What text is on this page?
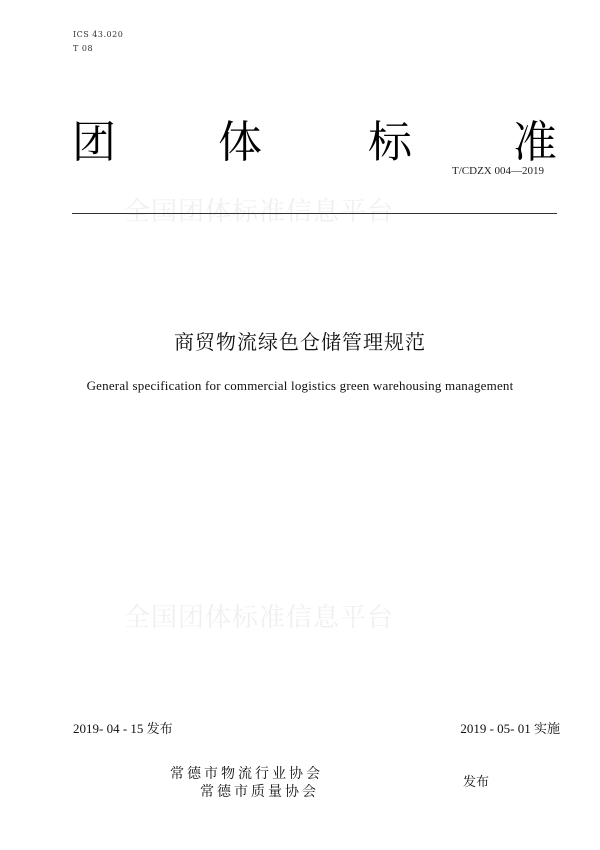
ICS 43.020
T 08
团 体 标 准
T/CDZX 004—2019
全国团体标准信息平台
商贸物流绿色仓储管理规范
General specification for commercial logistics green warehousing management
全国团体标准信息平台
2019- 04 - 15 发布	2019 - 05- 01 实施
常德市物流行业协会
常德市质量协会
发布
